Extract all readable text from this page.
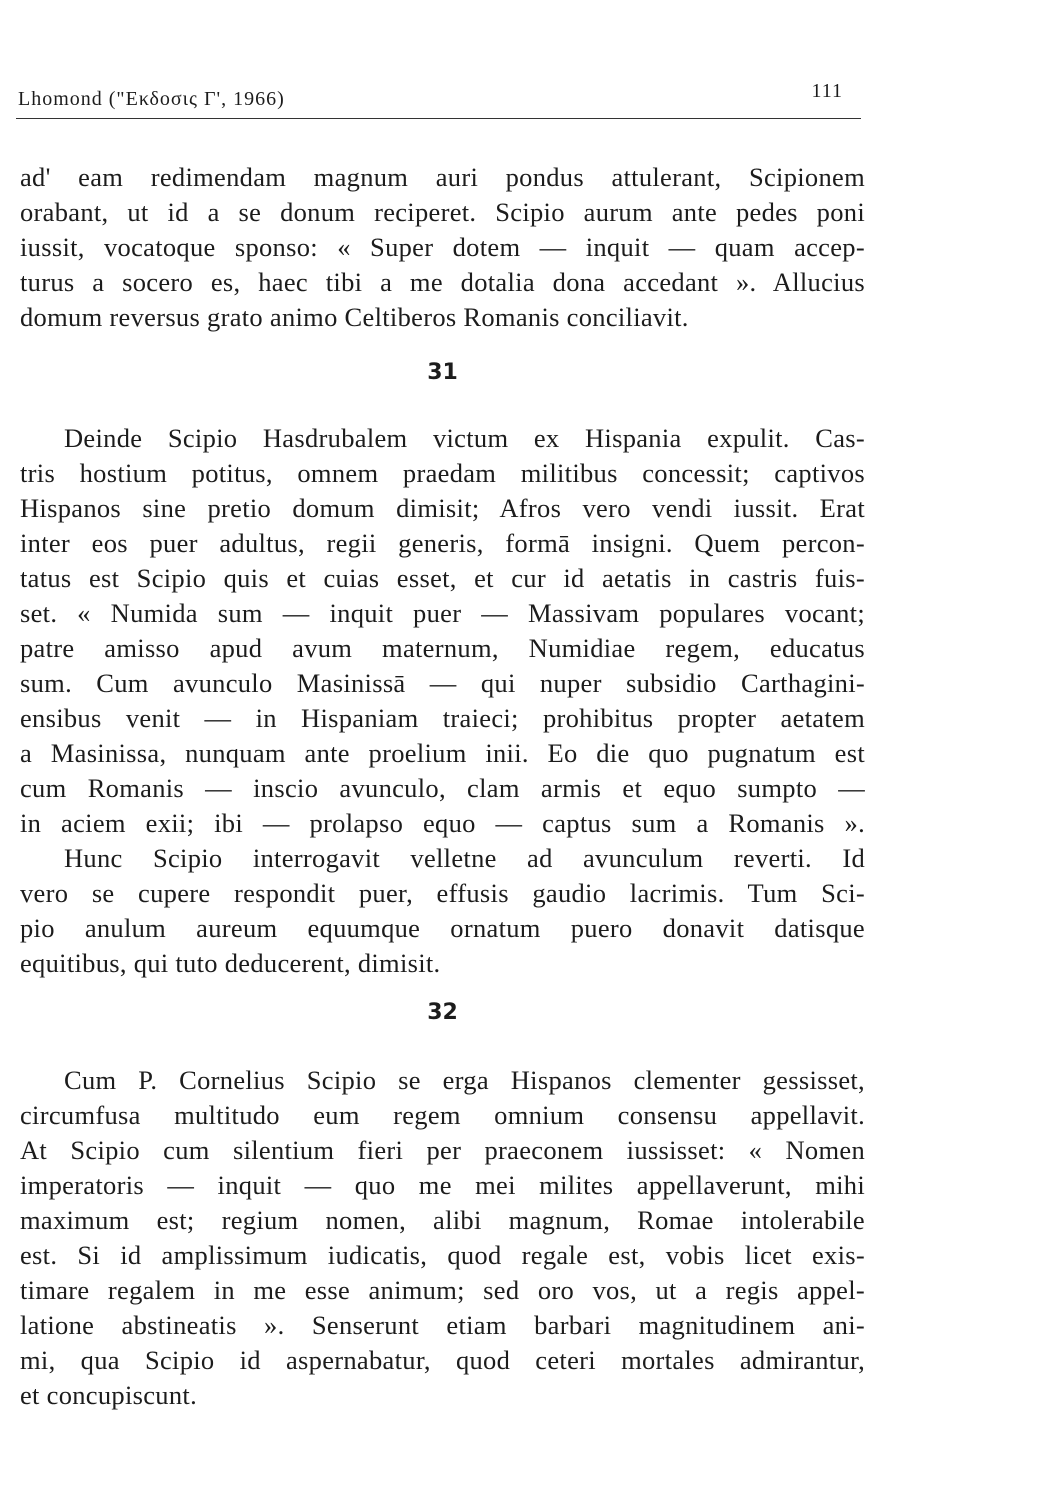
Lhomond ("Εκδοσις Γ', 1966)	111
ad' eam redimendam magnum auri pondus attulerant, Scipionem
orabant, ut id a se donum reciperet. Scipio aurum ante pedes poni
iussit, vocatoque sponso: « Super dotem — inquit — quam accep-
turus a socero es, haec tibi a me dotalia dona accedant ». Allucius
domum reversus grato animo Celtiberos Romanis conciliavit.
31
Deinde Scipio Hasdrubalem victum ex Hispania expulit. Cas-
tris hostium potitus, omnem praedam militibus concessit; captivos
Hispanos sine pretio domum dimisit; Afros vero vendi iussit. Erat
inter eos puer adultus, regii generis, formā insigni. Quem percon-
tatus est Scipio quis et cuias esset, et cur id aetatis in castris fuis-
set. « Numida sum — inquit puer — Massivam populares vocant;
patre amisso apud avum maternum, Numidiae regem, educatus
sum. Cum avunculo Masinissā — qui nuper subsidio Carthagini-
ensibus venit — in Hispaniam traieci; prohibitus propter aetatem
a Masinissa, nunquam ante proelium inii. Eo die quo pugnatum est
cum Romanis — inscio avunculo, clam armis et equo sumpto —
in aciem exii; ibi — prolapso equo — captus sum a Romanis ».
Hunc Scipio interrogavit velletne ad avunculum reverti. Id
vero se cupere respondit puer, effusis gaudio lacrimis. Tum Sci-
pio anulum aureum equumque ornatum puero donavit datisque
equitibus, qui tuto deducerent, dimisit.
32
Cum P. Cornelius Scipio se erga Hispanos clementer gessisset,
circumfusa multitudo eum regem omnium consensu appellavit.
At Scipio cum silentium fieri per praeconem iussisset: « Nomen
imperatoris — inquit — quo me mei milites appellaverunt, mihi
maximum est; regium nomen, alibi magnum, Romae intolerabile
est. Si id amplissimum iudicatis, quod regale est, vobis licet exis-
timare regalem in me esse animum; sed oro vos, ut a regis appel-
latione abstineatis ». Senserunt etiam barbari magnitudinem ani-
mi, qua Scipio id aspernabatur, quod ceteri mortales admirantur,
et concupiscunt.
